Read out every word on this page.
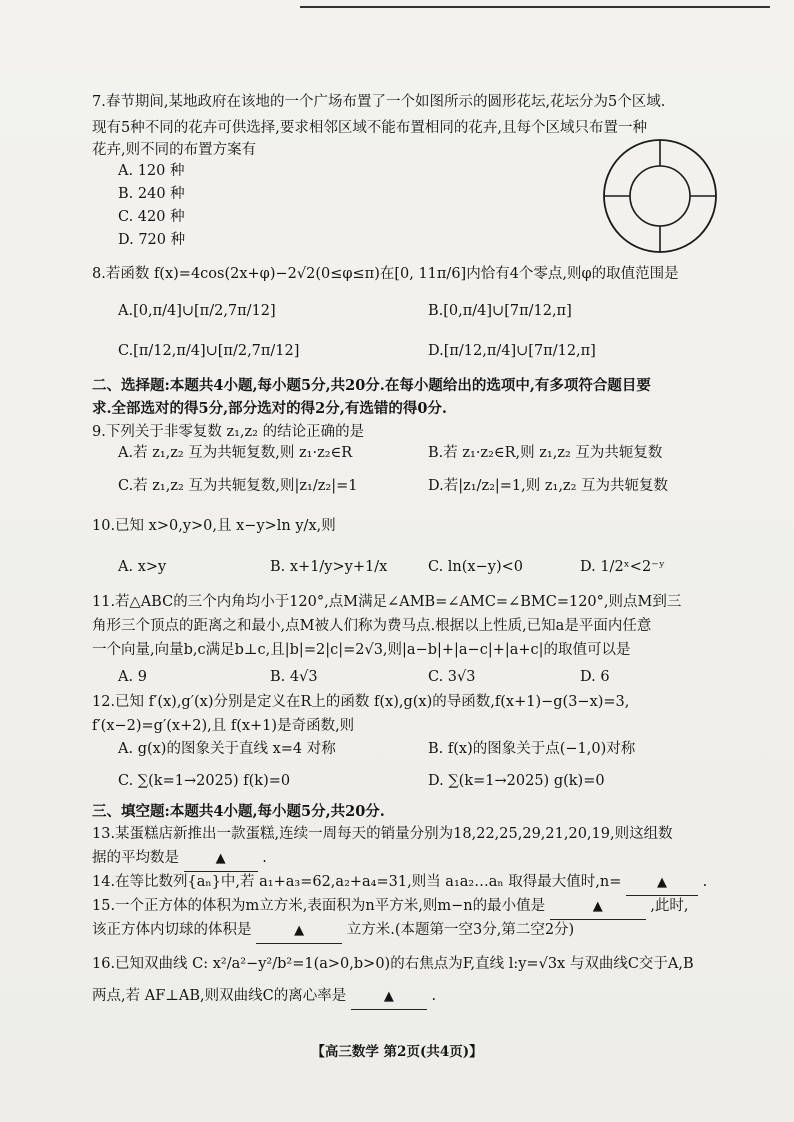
7.春节期间,某地政府在该地的一个广场布置了一个如图所示的圆形花坛,花坛分为5个区域.
现有5种不同的花卉可供选择,要求相邻区域不能布置相同的花卉,且每个区域只布置一种
花卉,则不同的布置方案有
A. 120 种
B. 240 种
C. 420 种
D. 720 种
8.若函数 f(x)=4cos(2x+φ)−2√2(0≤φ≤π)在[0, 11π/6]内恰有4个零点,则φ的取值范围是
A.[0,π/4]∪[π/2,7π/12]	B.[0,π/4]∪[7π/12,π]
C.[π/12,π/4]∪[π/2,7π/12]	D.[π/12,π/4]∪[7π/12,π]
二、选择题:本题共4小题,每小题5分,共20分.在每小题给出的选项中,有多项符合题目要
求.全部选对的得5分,部分选对的得2分,有选错的得0分.
9.下列关于非零复数 z₁,z₂ 的结论正确的是
A.若 z₁,z₂ 互为共轭复数,则 z₁·z₂∈R	B.若 z₁·z₂∈R,则 z₁,z₂ 互为共轭复数
C.若 z₁,z₂ 互为共轭复数,则|z₁/z₂|=1	D.若|z₁/z₂|=1,则 z₁,z₂ 互为共轭复数
10.已知 x>0,y>0,且 x−y>ln y/x,则
A. x>y	B. x+1/y>y+1/x	C. ln(x−y)<0	D. 1/2ˣ<2⁻ʸ
11.若△ABC的三个内角均小于120°,点M满足∠AMB=∠AMC=∠BMC=120°,则点M到三
角形三个顶点的距离之和最小,点M被人们称为费马点.根据以上性质,已知a是平面内任意
一个向量,向量b,c满足b⊥c,且|b|=2|c|=2√3,则|a−b|+|a−c|+|a+c|的取值可以是
A. 9	B. 4√3	C. 3√3	D. 6
12.已知 f′(x),g′(x)分别是定义在R上的函数 f(x),g(x)的导函数,f(x+1)−g(3−x)=3,
f′(x−2)=g′(x+2),且 f(x+1)是奇函数,则
A. g(x)的图象关于直线 x=4 对称	B. f(x)的图象关于点(−1,0)对称
C. ∑(k=1→2025) f(k)=0	D. ∑(k=1→2025) g(k)=0
三、填空题:本题共4小题,每小题5分,共20分.
13.某蛋糕店新推出一款蛋糕,连续一周每天的销量分别为18,22,25,29,21,20,19,则这组数
据的平均数是	▲	.
14.在等比数列{aₙ}中,若 a₁+a₃=62,a₂+a₄=31,则当 a₁a₂…aₙ 取得最大值时,n=	▲ .
15.一个正方体的体积为m立方米,表面积为n平方米,则m−n的最小值是	▲	,此时,
该正方体内切球的体积是	▲	立方米.(本题第一空3分,第二空2分)
16.已知双曲线 C: x²/a²−y²/b²=1(a>0,b>0)的右焦点为F,直线 l:y=√3x 与双曲线C交于A,B
两点,若 AF⊥AB,则双曲线C的离心率是	▲	.
【高三数学 第2页(共4页)】
